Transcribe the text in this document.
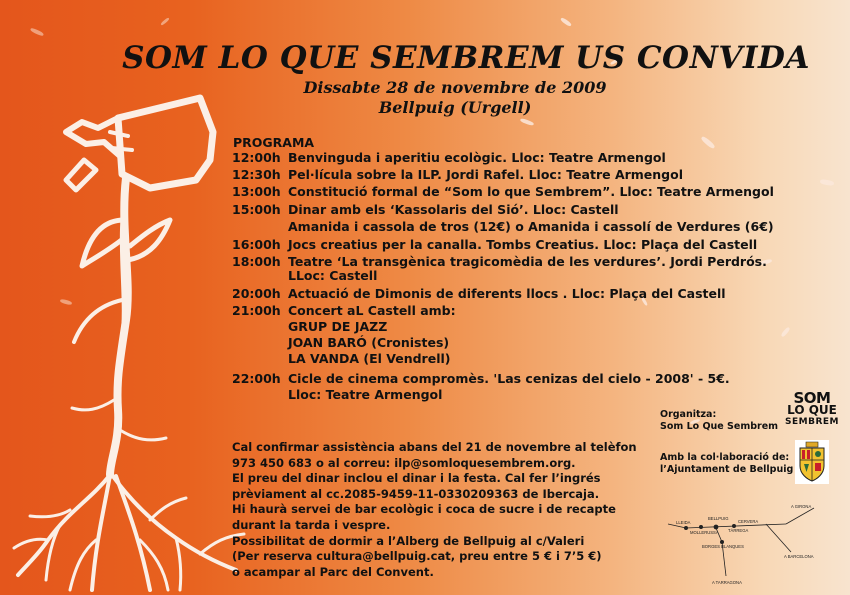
SOM LO QUE SEMBREM US CONVIDA

Dissabte 28 de novembre de 2009

Bellpuig (Urgell)

PROGRAMA
12:00h Benvinguda i aperitiu ecològic. Lloc: Teatre Armengol
12:30h Pel·lícula sobre la ILP. Jordi Rafel. Lloc: Teatre Armengol
13:00h Constitució formal de “Som lo que Sembrem”. Lloc: Teatre Armengol
15:00h Dinar amb els ‘Kassolaris del Sió’. Lloc: Castell
Amanida i cassola de tros (12€) o Amanida i cassolí de Verdures (6€)
16:00h Jocs creatius per la canalla. Tombs Creatius. Lloc: Plaça del Castell
18:00h Teatre ‘La transgènica tragicomèdia de les verdures’. Jordi Perdrós.
LLoc: Castell
20:00h Actuació de Dimonis de diferents llocs . Lloc: Plaça del Castell
21:00h Concert aL Castell amb:
GRUP DE JAZZ
JOAN BARÓ (Cronistes)
LA VANDA (El Vendrell)
22:00h Cicle de cinema compromès. 'Las cenizas del cielo - 2008' - 5€.
Lloc: Teatre Armengol
Cal confirmar assistència abans del 21 de novembre al telèfon
973 450 683 o al correu: ilp@somloquesembrem.org.
El preu del dinar inclou el dinar i la festa. Cal fer l’ingrés
prèviament al cc.2085-9459-11-0330209363 de Ibercaja.
Hi haurà servei de bar ecològic i coca de sucre i de recapte
durant la tarda i vespre.
Possibilitat de dormir a l’Alberg de Bellpuig al c/Valeri
(Per reserva cultura@bellpuig.cat, preu entre 5 € i 7’5 €)
o acampar al Parc del Convent.
Organitza:
Som Lo Que Sembrem
SOM
LO QUE
SEMBREM
Amb la col·laboració de:
l’Ajuntament de Bellpuig
LLEIDA
BELLPUIG
CERVERA
MOLLERUSSA TÀRREGA
BORGES BLANQUES
A GIRONA
A BARCELONA
A TARRAGONA
